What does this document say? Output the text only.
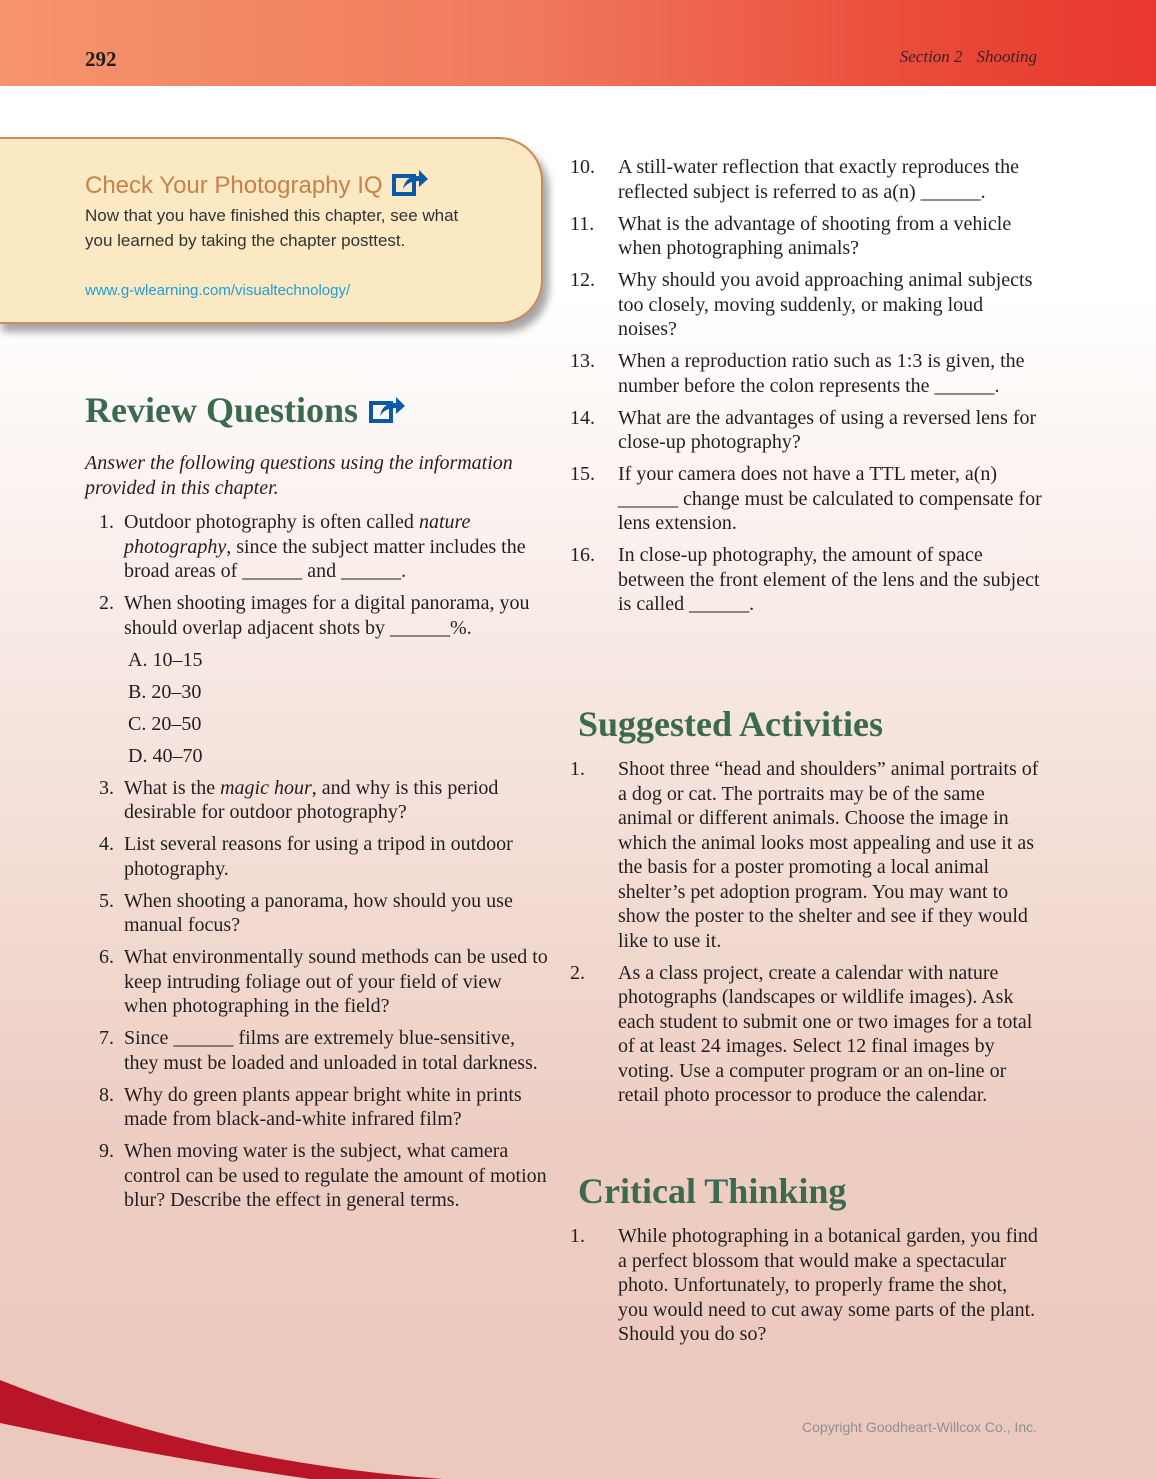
292	Section 2 Shooting
Check Your Photography IQ
Now that you have finished this chapter, see what you learned by taking the chapter posttest.
www.g-wlearning.com/visualtechnology/
Review Questions
Answer the following questions using the information provided in this chapter.
1. Outdoor photography is often called nature photography, since the subject matter includes the broad areas of ______ and ______.
2. When shooting images for a digital panorama, you should overlap adjacent shots by ______%.
A. 10–15
B. 20–30
C. 20–50
D. 40–70
3. What is the magic hour, and why is this period desirable for outdoor photography?
4. List several reasons for using a tripod in outdoor photography.
5. When shooting a panorama, how should you use manual focus?
6. What environmentally sound methods can be used to keep intruding foliage out of your field of view when photographing in the field?
7. Since ______ films are extremely blue-sensitive, they must be loaded and unloaded in total darkness.
8. Why do green plants appear bright white in prints made from black-and-white infrared film?
9. When moving water is the subject, what camera control can be used to regulate the amount of motion blur? Describe the effect in general terms.
10.	A still-water reflection that exactly reproduces the reflected subject is referred to as a(n) ______.
11.	What is the advantage of shooting from a vehicle when photographing animals?
12.	Why should you avoid approaching animal subjects too closely, moving suddenly, or making loud noises?
13.	When a reproduction ratio such as 1:3 is given, the number before the colon represents the ______.
14.	What are the advantages of using a reversed lens for close-up photography?
15.	If your camera does not have a TTL meter, a(n) ______ change must be calculated to compensate for lens extension.
16.	In close-up photography, the amount of space between the front element of the lens and the subject is called ______.
Suggested Activities
1.	Shoot three “head and shoulders” animal portraits of a dog or cat. The portraits may be of the same animal or different animals. Choose the image in which the animal looks most appealing and use it as the basis for a poster promoting a local animal shelter’s pet adoption program. You may want to show the poster to the shelter and see if they would like to use it.
2.	As a class project, create a calendar with nature photographs (landscapes or wildlife images). Ask each student to submit one or two images for a total of at least 24 images. Select 12 final images by voting. Use a computer program or an on-line or retail photo processor to produce the calendar.
Critical Thinking
1.	While photographing in a botanical garden, you find a perfect blossom that would make a spectacular photo. Unfortunately, to properly frame the shot, you would need to cut away some parts of the plant. Should you do so?
Copyright Goodheart-Willcox Co., Inc.
